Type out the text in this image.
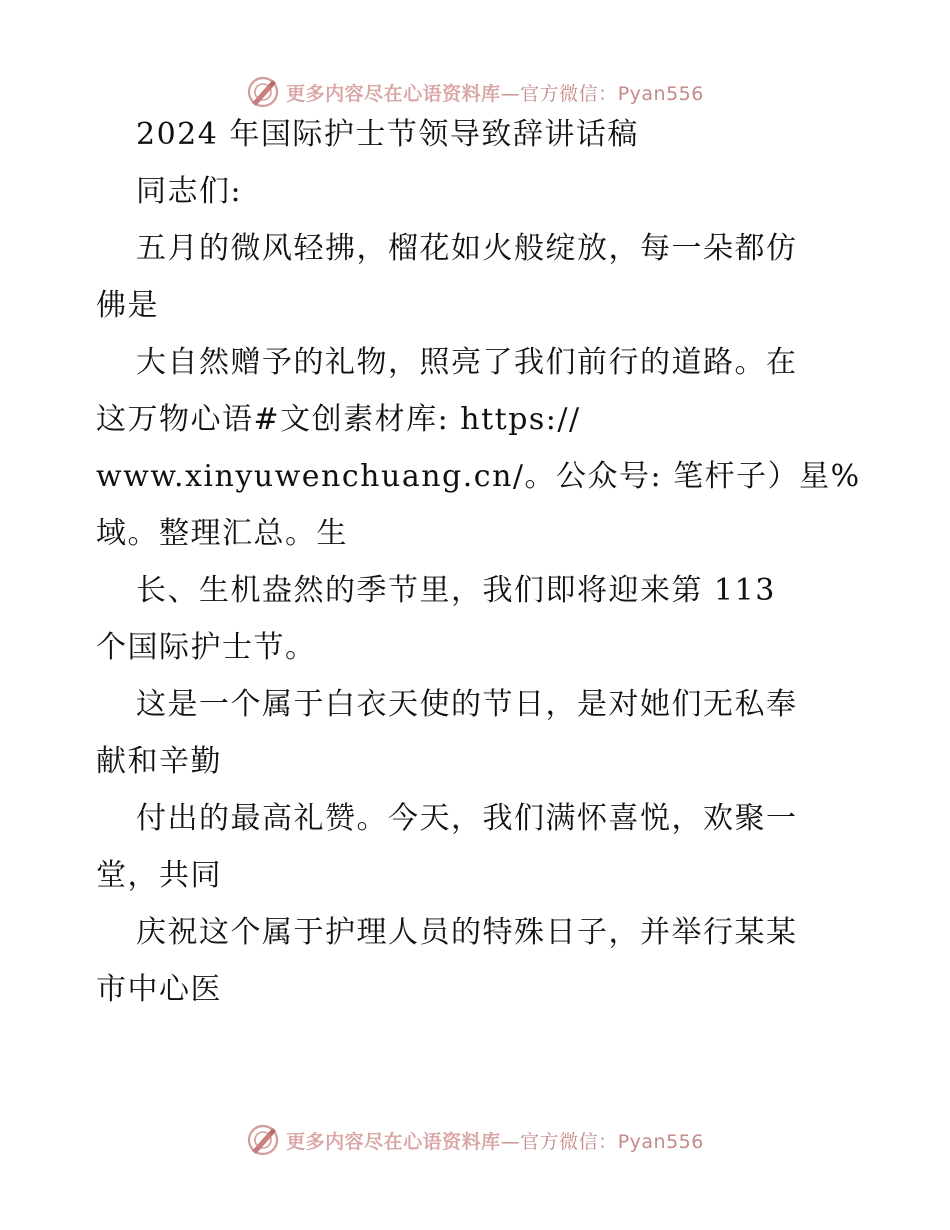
更多内容尽在心语资料库—官方微信：Pyan556
2024 年国际护士节领导致辞讲话稿
同志们:
五月的微风轻拂，榴花如火般绽放，每一朵都仿
佛是
大自然赠予的礼物，照亮了我们前行的道路。在
这万物心语#文创素材库: https://
www.xinyuwenchuang.cn/。公众号: 笔杆子）星%
域。整理汇总。生
长、生机盎然的季节里，我们即将迎来第 113
个国际护士节。
这是一个属于白衣天使的节日，是对她们无私奉
献和辛勤
付出的最高礼赞。今天，我们满怀喜悦，欢聚一
堂，共同
庆祝这个属于护理人员的特殊日子，并举行某某
市中心医
更多内容尽在心语资料库—官方微信：Pyan556
